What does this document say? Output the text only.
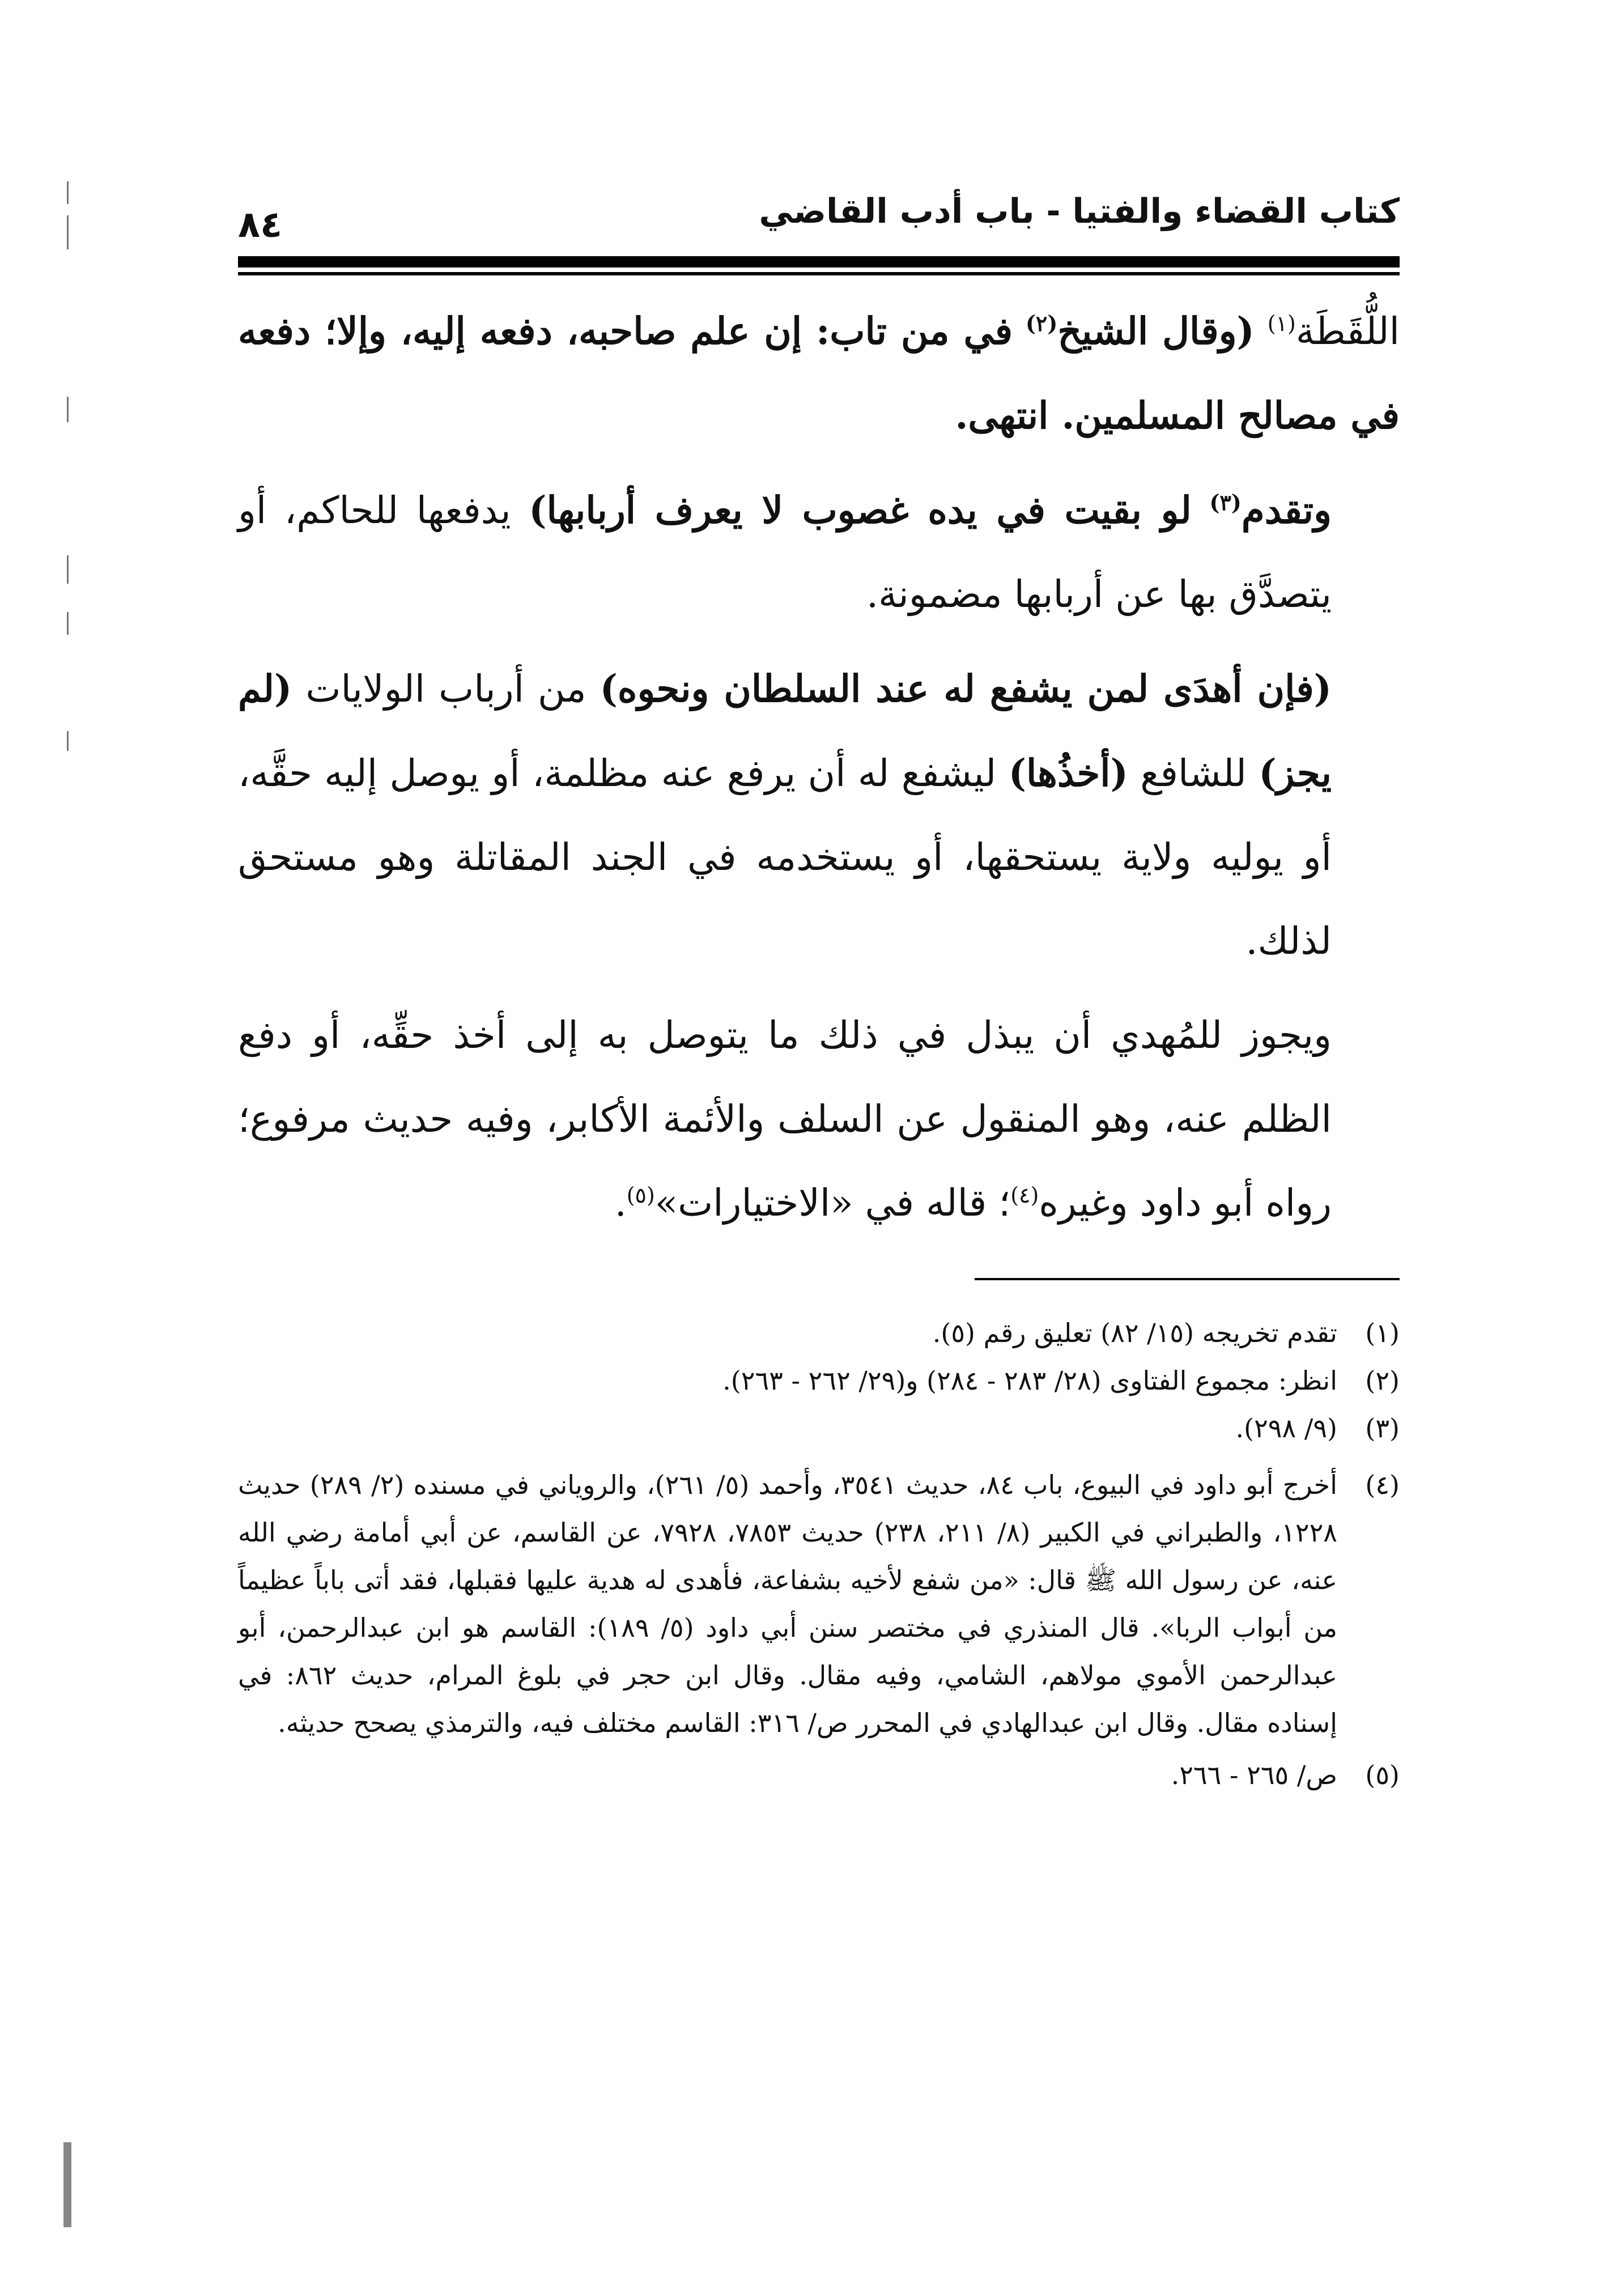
كتاب القضاء والفتيا - باب أدب القاضي
٨٤

اللُّقَطَة$^{(١)}$ (وقال الشيخ$^{(٢)}$ في من تاب: إن علم صاحبه، دفعه إليه، وإلا؛ دفعه في مصالح المسلمين. انتهى.

وتقدم$^{(٣)}$ لو بقيت في يده غصوب لا يعرف أربابها) يدفعها للحاكم، أو يتصدَّق بها عن أربابها مضمونة.

(فإن أهدَى لمن يشفع له عند السلطان ونحوه) من أرباب الولايات (لم يجز) للشافع (أخذُها) ليشفع له أن يرفع عنه مظلمة، أو يوصل إليه حقَّه، أو يوليه ولاية يستحقها، أو يستخدمه في الجند المقاتلة وهو مستحق لذلك.

ويجوز للمُهدي أن يبذل في ذلك ما يتوصل به إلى أخذ حقِّه، أو دفع الظلم عنه، وهو المنقول عن السلف والأئمة الأكابر، وفيه حديث مرفوع؛ رواه أبو داود وغيره$^{(٤)}$؛ قاله في «الاختيارات»$^{(٥)}$.

(١)
تقدم تخريجه (١٥/ ٨٢) تعليق رقم (٥).
(٢)
انظر: مجموع الفتاوى (٢٨/ ٢٨٣ - ٢٨٤) و(٢٩/ ٢٦٢ - ٢٦٣).
(٣)
(٩/ ٢٩٨).
(٤)
أخرج أبو داود في البيوع، باب ٨٤، حديث ٣٥٤١، وأحمد (٥/ ٢٦١)، والروياني في مسنده (٢/ ٢٨٩) حديث ١٢٢٨، والطبراني في الكبير (٨/ ٢١١، ٢٣٨) حديث ٧٨٥٣، ٧٩٢٨، عن القاسم، عن أبي أمامة رضي الله عنه، عن رسول الله ﷺ قال: «من شفع لأخيه بشفاعة، فأهدى له هدية عليها فقبلها، فقد أتى باباً عظيماً من أبواب الربا». قال المنذري في مختصر سنن أبي داود (٥/ ١٨٩): القاسم هو ابن عبدالرحمن، أبو عبدالرحمن الأموي مولاهم، الشامي، وفيه مقال. وقال ابن حجر في بلوغ المرام، حديث ٨٦٢: في إسناده مقال. وقال ابن عبدالهادي في المحرر ص/ ٣١٦: القاسم مختلف فيه، والترمذي يصحح حديثه.
(٥)
ص/ ٢٦٥ - ٢٦٦.
